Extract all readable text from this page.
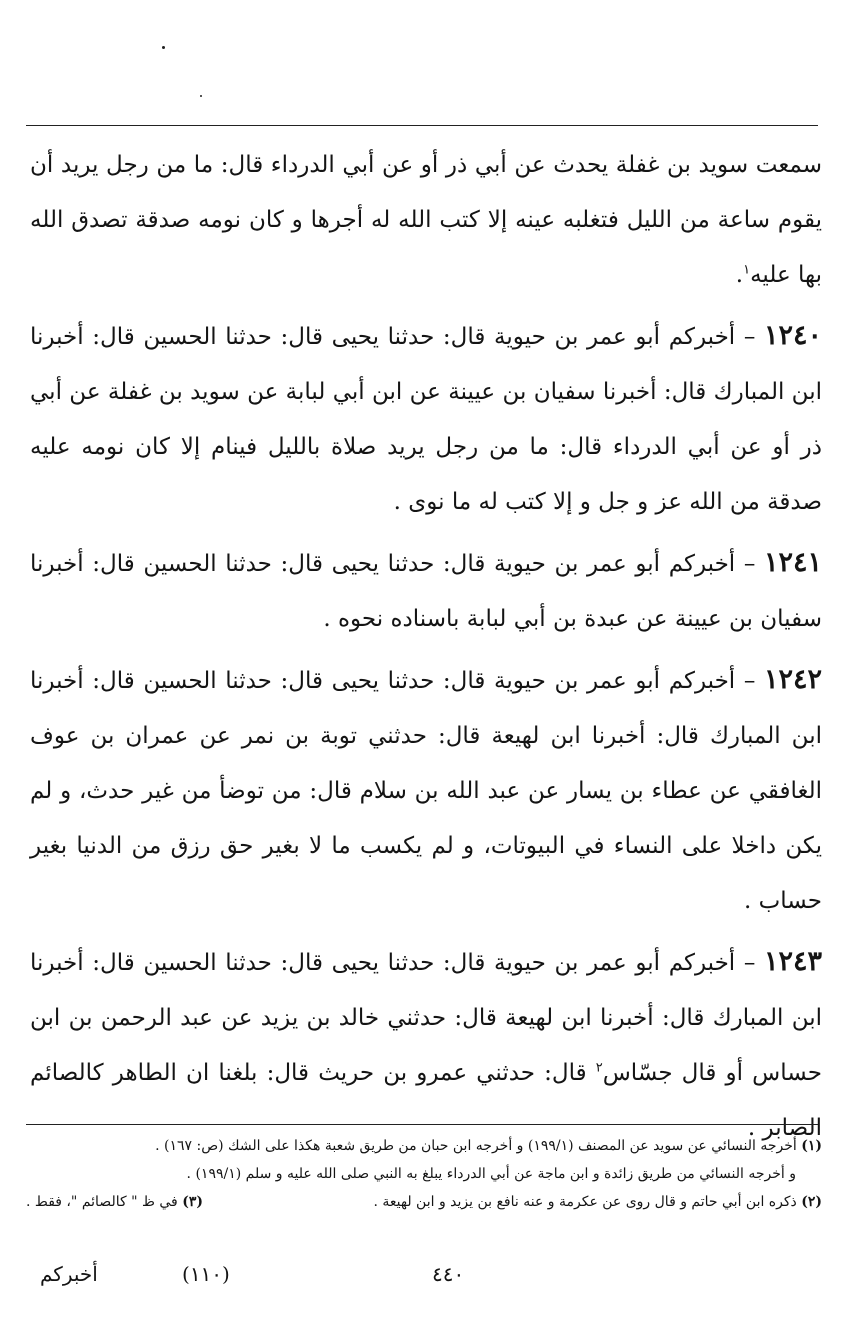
سمعت سويد بن غفلة يحدث عن أبي ذر أو عن أبي الدرداء قال: ما من رجل يريد أن يقوم ساعة من الليل فتغلبه عينه إلا كتب الله له أجرها و كان نومه صدقة تصدق الله بها عليه$^١$.

١٢٤٠ – أخبركم أبو عمر بن حيوية قال: حدثنا يحيى قال: حدثنا الحسين قال: أخبرنا ابن المبارك قال: أخبرنا سفيان بن عيينة عن ابن أبي لبابة عن سويد بن غفلة عن أبي ذر أو عن أبي الدرداء قال: ما من رجل يريد صلاة بالليل فينام إلا كان نومه عليه صدقة من الله عز و جل و إلا كتب له ما نوى .

١٢٤١ – أخبركم أبو عمر بن حيوية قال: حدثنا يحيى قال: حدثنا الحسين قال: أخبرنا سفيان بن عيينة عن عبدة بن أبي لبابة باسناده نحوه .

١٢٤٢ – أخبركم أبو عمر بن حيوية قال: حدثنا يحيى قال: حدثنا الحسين قال: أخبرنا ابن المبارك قال: أخبرنا ابن لهيعة قال: حدثني توبة بن نمر عن عمران بن عوف الغافقي عن عطاء بن يسار عن عبد الله بن سلام قال: من توضأ من غير حدث، و لم يكن داخلا على النساء في البيوتات، و لم يكسب ما لا بغير حق رزق من الدنيا بغير حساب .

١٢٤٣ – أخبركم أبو عمر بن حيوية قال: حدثنا يحيى قال: حدثنا الحسين قال: أخبرنا ابن المبارك قال: أخبرنا ابن لهيعة قال: حدثني خالد بن يزيد عن عبد الرحمن بن ابن حساس أو قال جسّاس$^٢$ قال: حدثني عمرو بن حريث قال: بلغنا ان الطاهر كالصائم الصابر .

(١) أخرجه النسائي عن سويد عن المصنف (١٩٩/١) و أخرجه ابن حبان من طريق شعبة هكذا على الشك (ص: ١٦٧) .

و أخرجه النسائي من طريق زائدة و ابن ماجة عن أبي الدرداء يبلغ به النبي صلى الله عليه و سلم (١٩٩/١) .

(٢) ذكره ابن أبي حاتم و قال روى عن عكرمة و عنه نافع بن يزيد و ابن لهيعة .

(٣) في ظ " كالصائم "، فقط .

أخبركم	(١١٠)	٤٤٠
